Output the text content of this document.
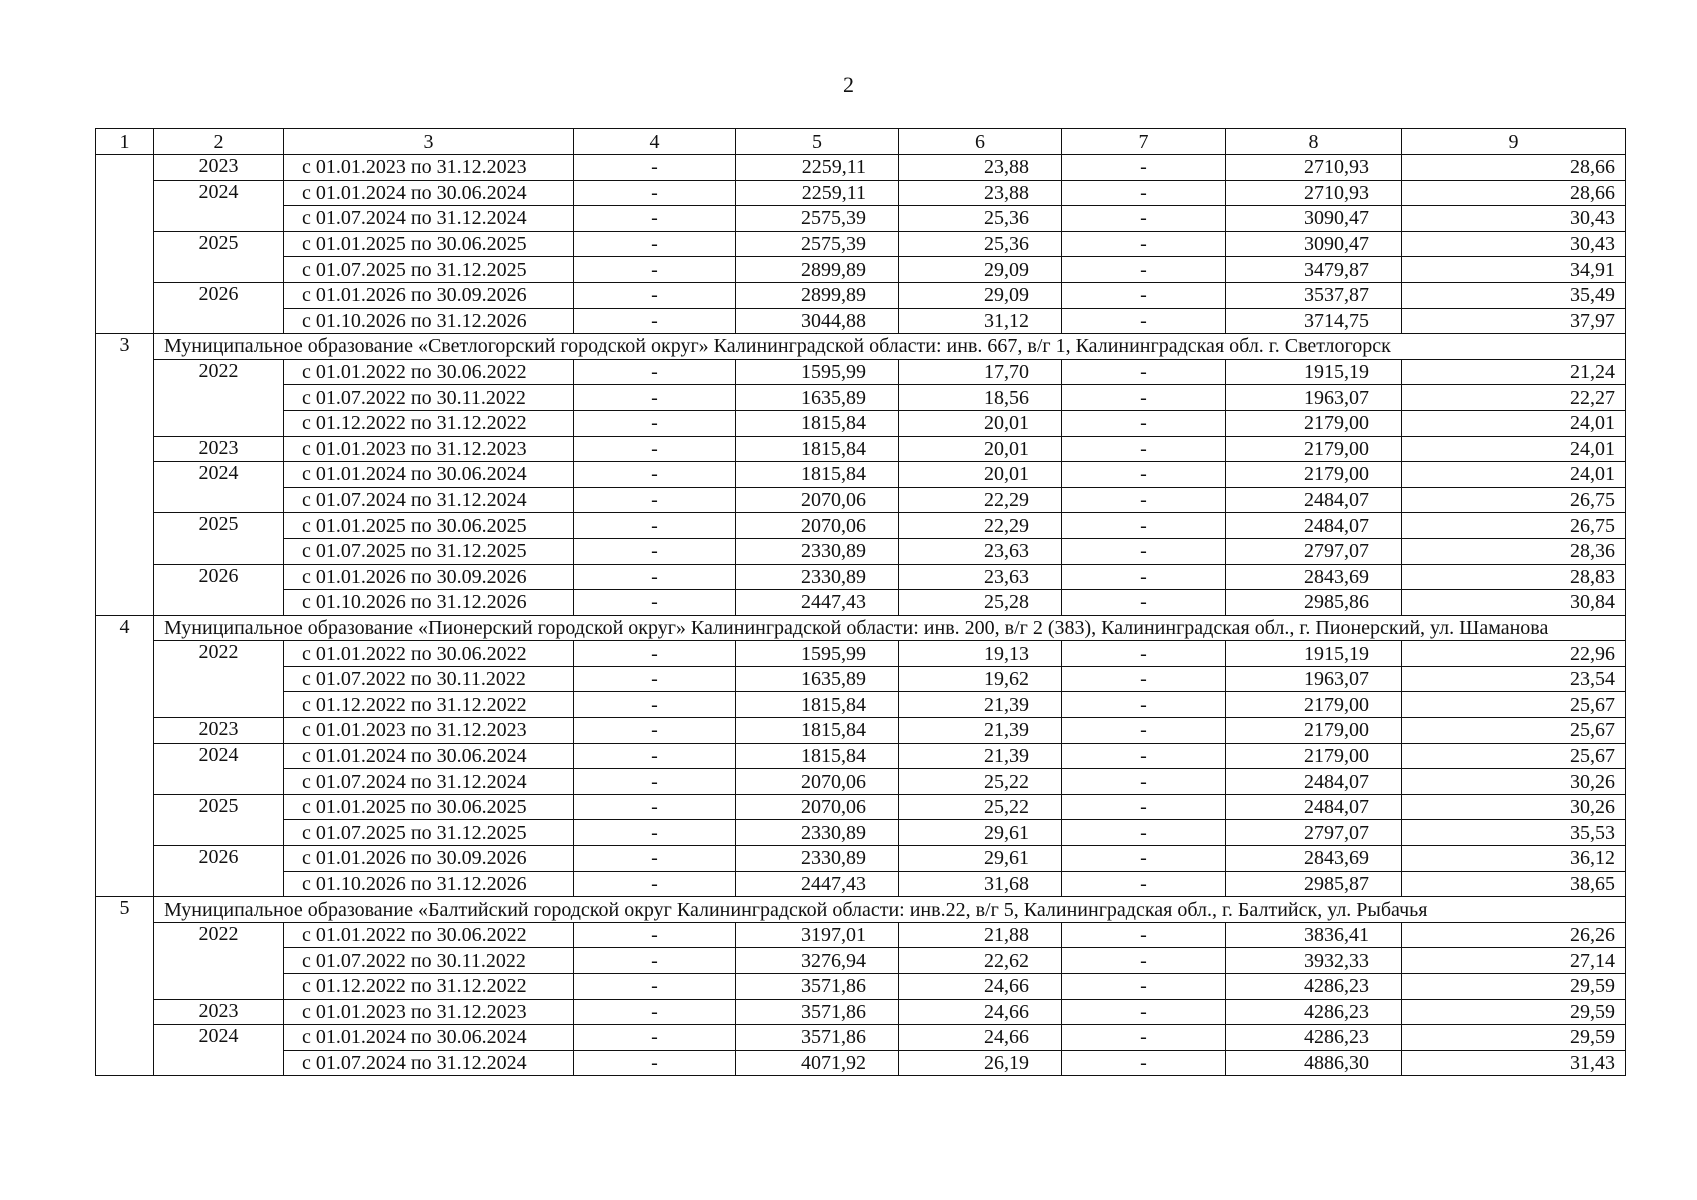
2
1	2	3	4	5	6	7	8	9
	2023	с 01.01.2023 по 31.12.2023	-	2259,11	23,88	-	2710,93	28,66
	2024	с 01.01.2024 по 30.06.2024	-	2259,11	23,88	-	2710,93	28,66
		с 01.07.2024 по 31.12.2024	-	2575,39	25,36	-	3090,47	30,43
	2025	с 01.01.2025 по 30.06.2025	-	2575,39	25,36	-	3090,47	30,43
		с 01.07.2025 по 31.12.2025	-	2899,89	29,09	-	3479,87	34,91
	2026	с 01.01.2026 по 30.09.2026	-	2899,89	29,09	-	3537,87	35,49
		с 01.10.2026 по 31.12.2026	-	3044,88	31,12	-	3714,75	37,97
3	Муниципальное образование «Светлогорский городской округ» Калининградской области: инв. 667, в/г 1, Калининградская обл. г. Светлогорск							
	2022	с 01.01.2022 по 30.06.2022	-	1595,99	17,70	-	1915,19	21,24
		с 01.07.2022 по 30.11.2022	-	1635,89	18,56	-	1963,07	22,27
		с 01.12.2022 по 31.12.2022	-	1815,84	20,01	-	2179,00	24,01
	2023	с 01.01.2023 по 31.12.2023	-	1815,84	20,01	-	2179,00	24,01
	2024	с 01.01.2024 по 30.06.2024	-	1815,84	20,01	-	2179,00	24,01
		с 01.07.2024 по 31.12.2024	-	2070,06	22,29	-	2484,07	26,75
	2025	с 01.01.2025 по 30.06.2025	-	2070,06	22,29	-	2484,07	26,75
		с 01.07.2025 по 31.12.2025	-	2330,89	23,63	-	2797,07	28,36
	2026	с 01.01.2026 по 30.09.2026	-	2330,89	23,63	-	2843,69	28,83
		с 01.10.2026 по 31.12.2026	-	2447,43	25,28	-	2985,86	30,84
4	Муниципальное образование «Пионерский городской округ» Калининградской области: инв. 200, в/г 2 (383), Калининградская обл., г. Пионерский, ул. Шаманова							
	2022	с 01.01.2022 по 30.06.2022	-	1595,99	19,13	-	1915,19	22,96
		с 01.07.2022 по 30.11.2022	-	1635,89	19,62	-	1963,07	23,54
		с 01.12.2022 по 31.12.2022	-	1815,84	21,39	-	2179,00	25,67
	2023	с 01.01.2023 по 31.12.2023	-	1815,84	21,39	-	2179,00	25,67
	2024	с 01.01.2024 по 30.06.2024	-	1815,84	21,39	-	2179,00	25,67
		с 01.07.2024 по 31.12.2024	-	2070,06	25,22	-	2484,07	30,26
	2025	с 01.01.2025 по 30.06.2025	-	2070,06	25,22	-	2484,07	30,26
		с 01.07.2025 по 31.12.2025	-	2330,89	29,61	-	2797,07	35,53
	2026	с 01.01.2026 по 30.09.2026	-	2330,89	29,61	-	2843,69	36,12
		с 01.10.2026 по 31.12.2026	-	2447,43	31,68	-	2985,87	38,65
5	Муниципальное образование «Балтийский городской округ Калининградской области: инв.22, в/г 5, Калининградская обл., г. Балтийск, ул. Рыбачья							
	2022	с 01.01.2022 по 30.06.2022	-	3197,01	21,88	-	3836,41	26,26
		с 01.07.2022 по 30.11.2022	-	3276,94	22,62	-	3932,33	27,14
		с 01.12.2022 по 31.12.2022	-	3571,86	24,66	-	4286,23	29,59
	2023	с 01.01.2023 по 31.12.2023	-	3571,86	24,66	-	4286,23	29,59
	2024	с 01.01.2024 по 30.06.2024	-	3571,86	24,66	-	4286,23	29,59
		с 01.07.2024 по 31.12.2024	-	4071,92	26,19	-	4886,30	31,43
